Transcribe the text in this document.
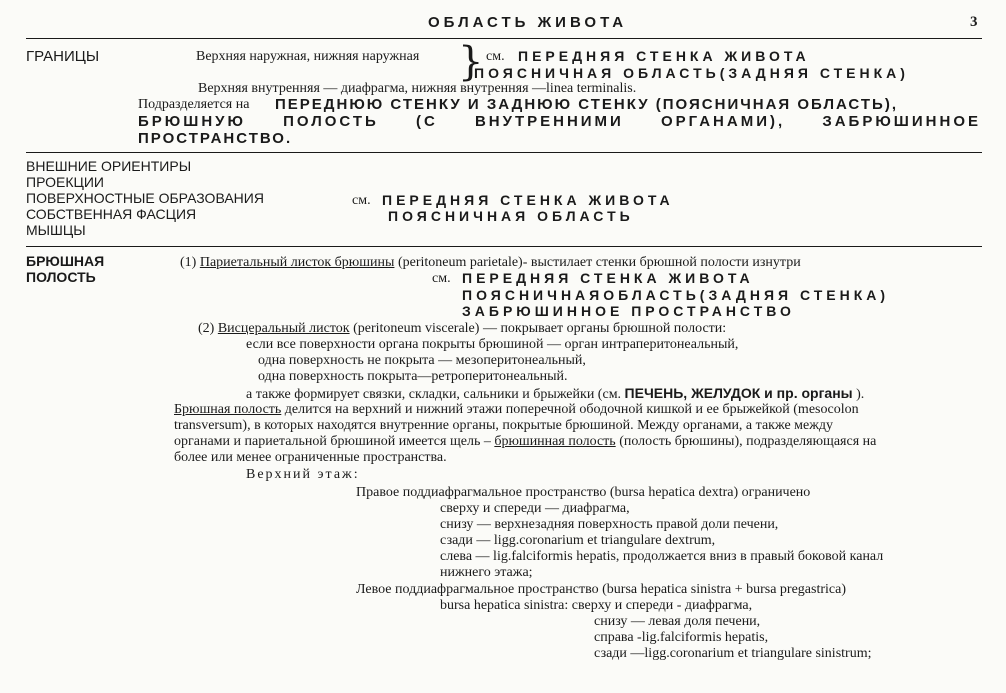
ОБЛАСТЬ ЖИВОТА	3
ГРАНИЦЫ	Верхняя наружная, нижняя наружная } см. ПЕРЕДНЯЯ СТЕНКА ЖИВОТА
ПОЯСНИЧНАЯ ОБЛАСТЬ(ЗАДНЯЯ СТЕНКА)
Верхняя внутренняя — диафрагма, нижняя внутренняя —linea terminalis.
Подразделяется на ПЕРЕДНЮЮ СТЕНКУ И ЗАДНЮЮ СТЕНКУ (ПОЯСНИЧНАЯ ОБЛАСТЬ),
БРЮШНУЮ ПОЛОСТЬ (С ВНУТРЕННИМИ ОРГАНАМИ), ЗАБРЮШИННОЕ
ПРОСТРАНСТВО.
ВНЕШНИЕ ОРИЕНТИРЫ
ПРОЕКЦИИ
ПОВЕРХНОСТНЫЕ ОБРАЗОВАНИЯ
СОБСТВЕННАЯ ФАСЦИЯ
МЫШЦЫ
см. ПЕРЕДНЯЯ СТЕНКА ЖИВОТА
ПОЯСНИЧНАЯ ОБЛАСТЬ
БРЮШНАЯ
ПОЛОСТЬ
(1) Париетальный листок брюшины (peritoneum parietale)- выстилает стенки брюшной полости изнутри
см. ПЕРЕДНЯЯ СТЕНКА ЖИВОТА
ПОЯСНИЧНАЯОБЛАСТЬ(ЗАДНЯЯ СТЕНКА)
ЗАБРЮШИННОЕ ПРОСТРАНСТВО
(2) Висцеральный листок (peritoneum viscerale) — покрывает органы брюшной полости:
если все поверхности органа покрыты брюшиной — орган интраперитонеальный,
одна поверхность не покрыта — мезоперитонеальный,
одна поверхность покрыта—ретроперитонеальный.
а также формирует связки, складки, сальники и брыжейки (см. ПЕЧЕНЬ, ЖЕЛУДОК и пр. органы ).
Брюшная полость делится на верхний и нижний этажи поперечной ободочной кишкой и ее брыжейкой (mesocolon
transversum), в которых находятся внутренние органы, покрытые брюшиной. Между органами, а также между
органами и париетальной брюшиной имеется щель – брюшинная полость (полость брюшины), подразделяющаяся на
более или менее ограниченные пространства.
Верхний этаж:
Правое поддиафрагмальное пространство (bursa hepatica dextra) ограничено
сверху и спереди — диафрагма,
снизу — верхнезадняя поверхность правой доли печени,
сзади — ligg.coronarium et triangulare dextrum,
слева — lig.falciformis hepatis, продолжается вниз в правый боковой канал
нижнего этажа;
Левое поддиафрагмальное пространство (bursa hepatica sinistra + bursa pregastrica)
bursa hepatica sinistra: сверху и спереди - диафрагма,
снизу — левая доля печени,
справа -lig.falciformis hepatis,
сзади —ligg.coronarium et triangulare sinistrum;
